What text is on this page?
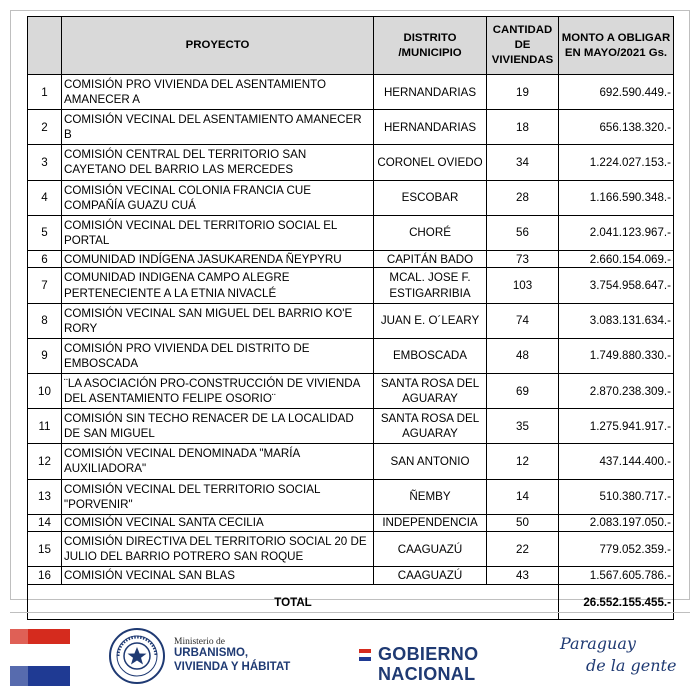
	PROYECTO	DISTRITO /MUNICIPIO	CANTIDAD DE VIVIENDAS	MONTO A OBLIGAR EN MAYO/2021 Gs.
1	COMISIÓN PRO VIVIENDA DEL ASENTAMIENTO AMANECER A	HERNANDARIAS	19	692.590.449.-
2	COMISIÓN VECINAL DEL ASENTAMIENTO AMANECER B	HERNANDARIAS	18	656.138.320.-
3	COMISIÓN CENTRAL DEL TERRITORIO SAN CAYETANO DEL BARRIO LAS MERCEDES	CORONEL OVIEDO	34	1.224.027.153.-
4	COMISIÓN VECINAL COLONIA FRANCIA CUE COMPAÑÍA GUAZU CUÁ	ESCOBAR	28	1.166.590.348.-
5	COMISIÓN VECINAL DEL TERRITORIO SOCIAL EL PORTAL	CHORÉ	56	2.041.123.967.-
6	COMUNIDAD INDÍGENA JASUKARENDA ÑEYPYRU	CAPITÁN BADO	73	2.660.154.069.-
7	COMUNIDAD INDIGENA CAMPO ALEGRE PERTENECIENTE A LA ETNIA NIVACLÉ	MCAL. JOSE F. ESTIGARRIBIA	103	3.754.958.647.-
8	COMISIÓN VECINAL SAN MIGUEL DEL BARRIO KO'E RORY	JUAN E. O´LEARY	74	3.083.131.634.-
9	COMISIÓN PRO VIVIENDA DEL DISTRITO DE EMBOSCADA	EMBOSCADA	48	1.749.880.330.-
10	¨LA ASOCIACIÓN PRO-CONSTRUCCIÓN DE VIVIENDA DEL ASENTAMIENTO FELIPE OSORIO¨	SANTA ROSA DEL AGUARAY	69	2.870.238.309.-
11	COMISIÓN SIN TECHO RENACER DE LA LOCALIDAD DE SAN MIGUEL	SANTA ROSA DEL AGUARAY	35	1.275.941.917.-
12	COMISIÓN VECINAL DENOMINADA "MARÍA AUXILIADORA"	SAN ANTONIO	12	437.144.400.-
13	COMISIÓN VECINAL DEL TERRITORIO SOCIAL "PORVENIR"	ÑEMBY	14	510.380.717.-
14	COMISIÓN VECINAL SANTA CECILIA	INDEPENDENCIA	50	2.083.197.050.-
15	COMISIÓN DIRECTIVA DEL TERRITORIO SOCIAL 20 DE JULIO DEL BARRIO POTRERO SAN ROQUE	CAAGUAZÚ	22	779.052.359.-
16	COMISIÓN VECINAL SAN BLAS	CAAGUAZÚ	43	1.567.605.786.-
TOTAL				26.552.155.455.-
Ministerio de
URBANISMO,
VIVIENDA Y HÁBITAT
GOBIERNO
NACIONAL
Paraguay
de la gente
